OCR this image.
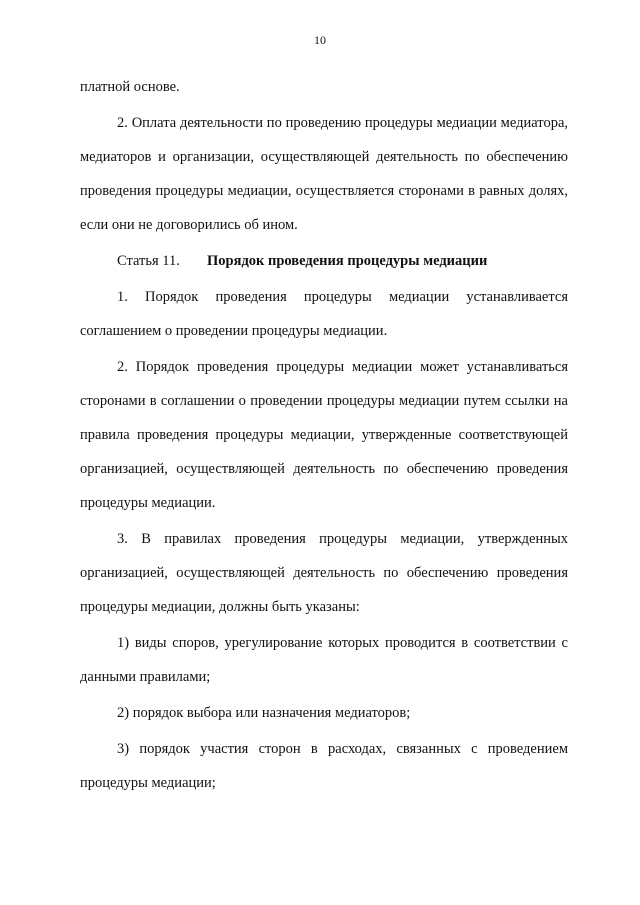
10

платной основе.

2. Оплата деятельности по проведению процедуры медиации медиатора, медиаторов и организации, осуществляющей деятельность по обеспечению проведения процедуры медиации, осуществляется сторонами в равных долях, если они не договорились об ином.

Статья 11. Порядок проведения процедуры медиации

1. Порядок проведения процедуры медиации устанавливается соглашением о проведении процедуры медиации.

2. Порядок проведения процедуры медиации может устанавливаться сторонами в соглашении о проведении процедуры медиации путем ссылки на правила проведения процедуры медиации, утвержденные соответствующей организацией, осуществляющей деятельность по обеспечению проведения процедуры медиации.

3. В правилах проведения процедуры медиации, утвержденных организацией, осуществляющей деятельность по обеспечению проведения процедуры медиации, должны быть указаны:

1) виды споров, урегулирование которых проводится в соответствии с данными правилами;

2) порядок выбора или назначения медиаторов;

3) порядок участия сторон в расходах, связанных с проведением процедуры медиации;
